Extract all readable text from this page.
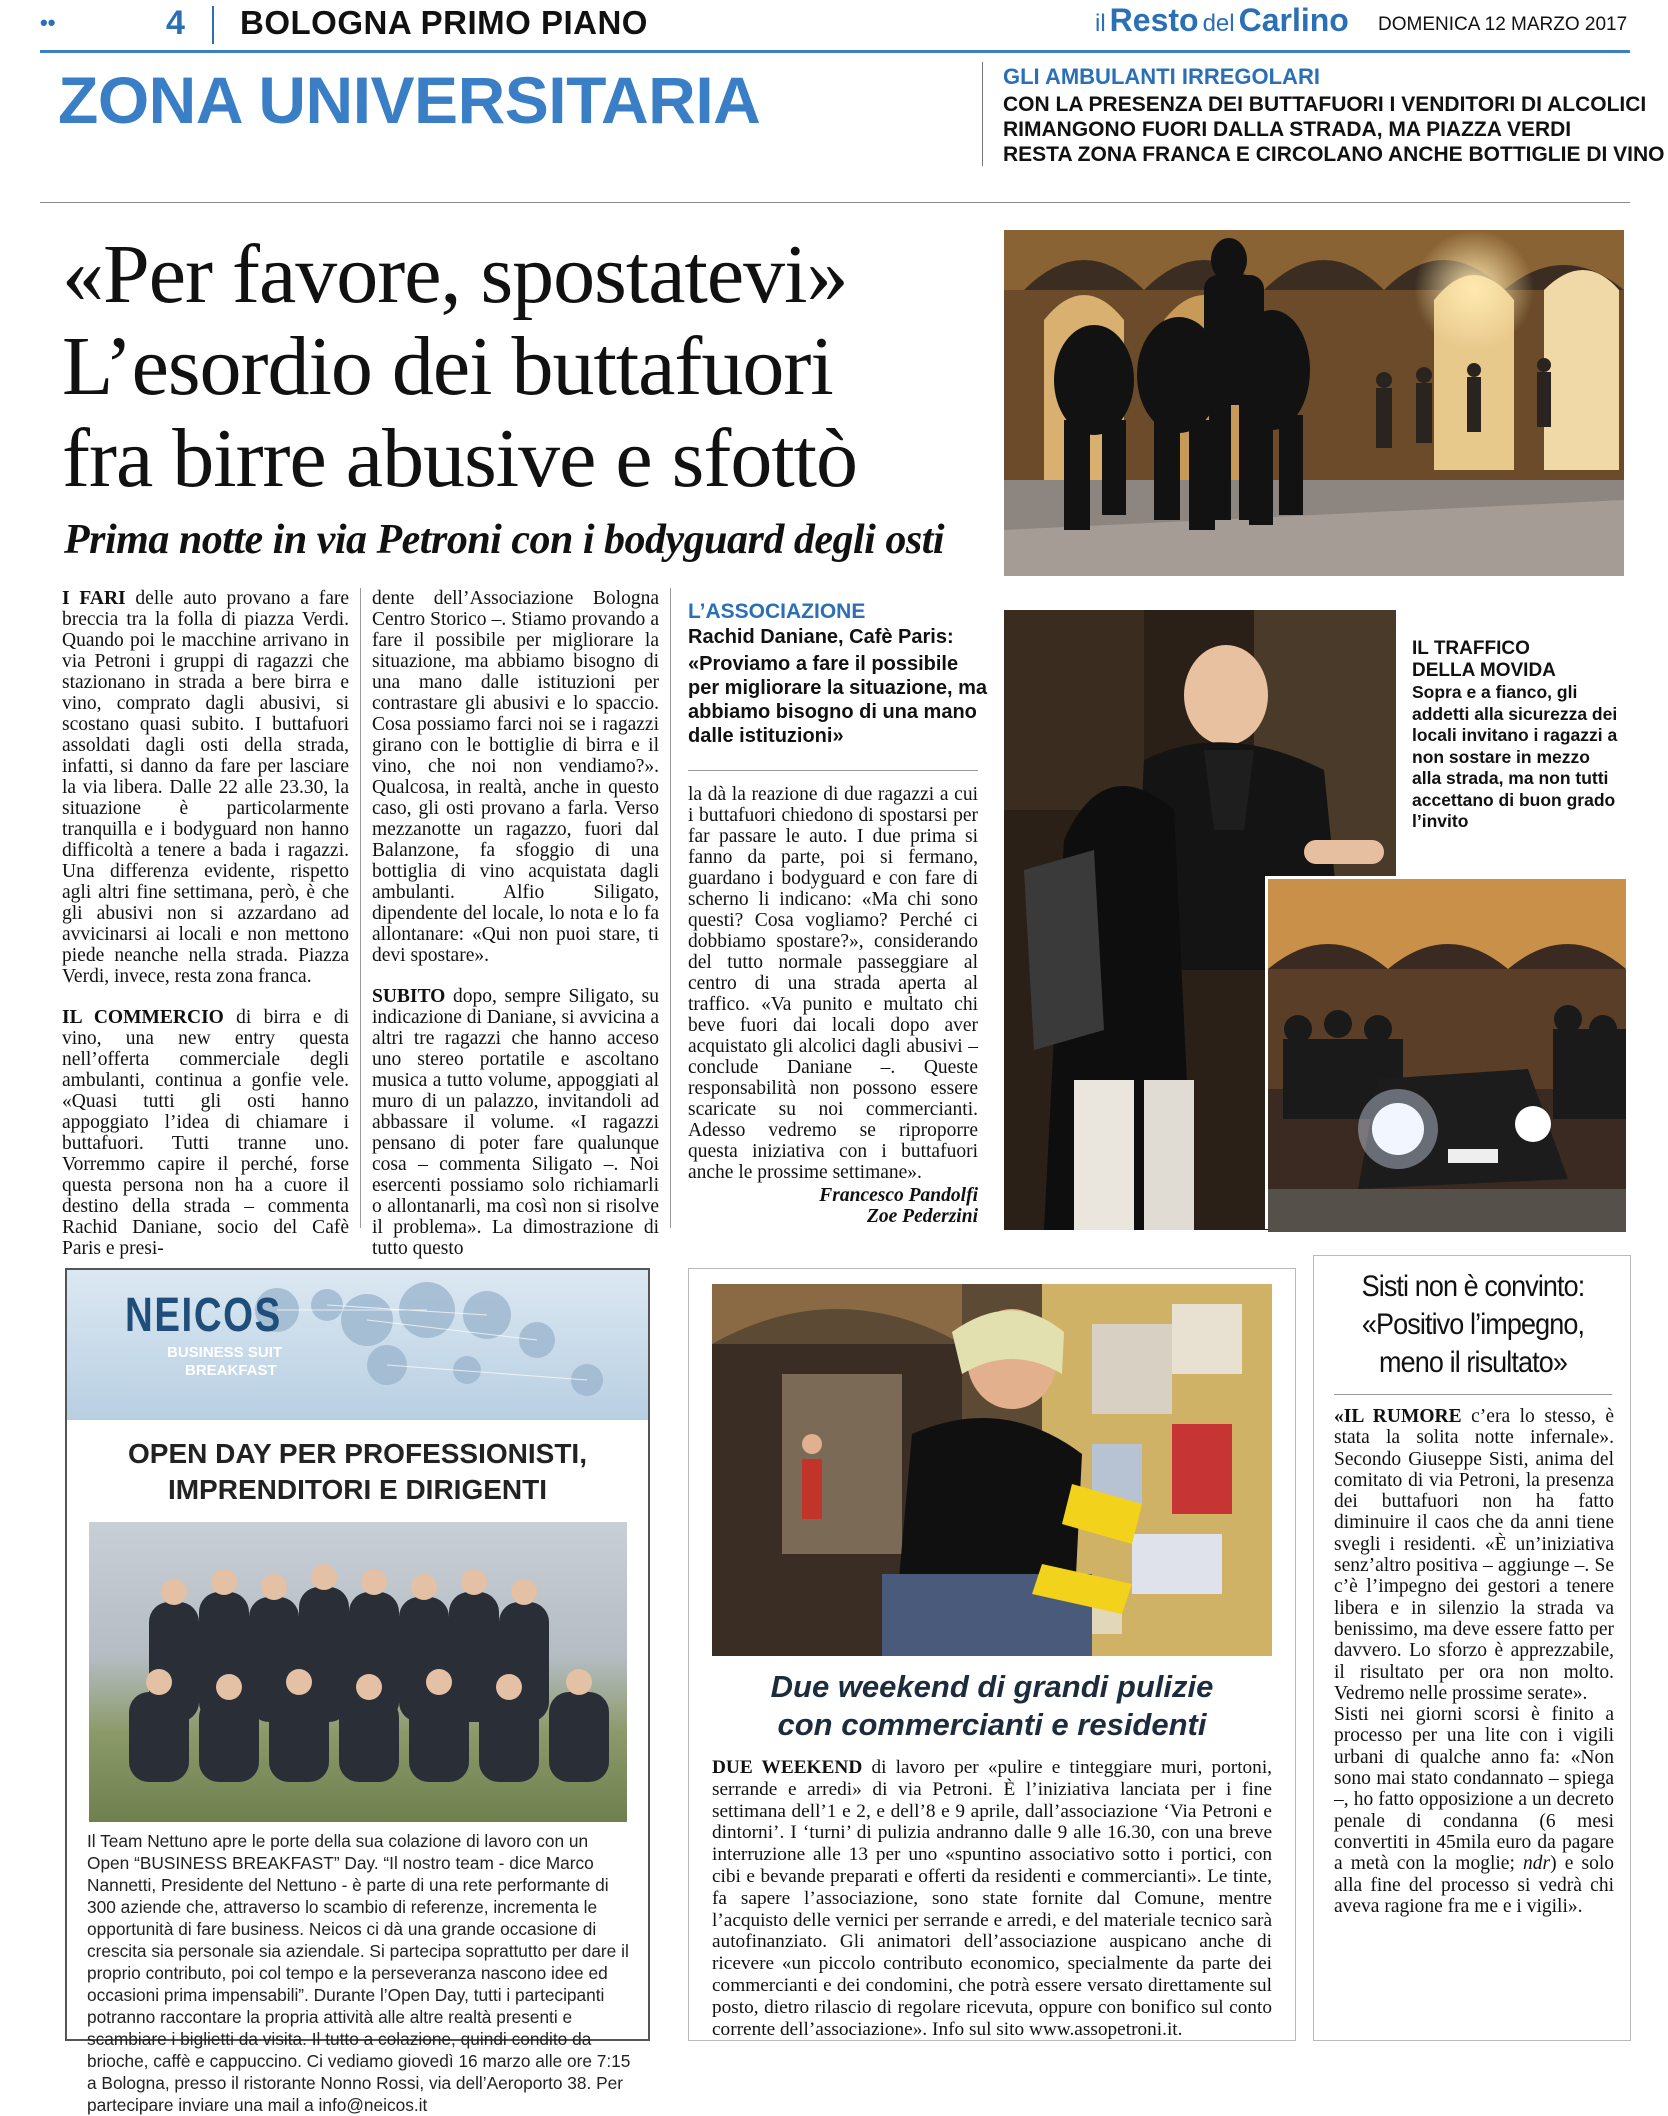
••	4 BOLOGNA PRIMO PIANO	il Resto del Carlino DOMENICA 12 MARZO 2017
ZONA UNIVERSITARIA	GLI AMBULANTI IRREGOLARI
CON LA PRESENZA DEI BUTTAFUORI I VENDITORI DI ALCOLICI
RIMANGONO FUORI DALLA STRADA, MA PIAZZA VERDI
RESTA ZONA FRANCA E CIRCOLANO ANCHE BOTTIGLIE DI VINO
«Per favore, spostatevi»
L’esordio dei buttafuori
fra birre abusive e sfottò
Prima notte in via Petroni con i bodyguard degli osti

I FARI delle auto provano a fare breccia tra la folla di piazza Verdi. Quando poi le macchine arrivano in via Petroni i gruppi di ragazzi che stazionano in strada a bere birra e vino, comprato dagli abusivi, si scostano quasi subito. I buttafuori assoldati dagli osti della strada, infatti, si danno da fare per lasciare la via libera. Dalle 22 alle 23.30, la situazione è particolarmente tranquilla e i bodyguard non hanno difficoltà a tenere a bada i ragazzi. Una differenza evidente, rispetto agli altri fine settimana, però, è che gli abusivi non si azzardano ad avvicinarsi ai locali e non mettono piede neanche nella strada. Piazza Verdi, invece, resta zona franca.

IL COMMERCIO di birra e di vino, una new entry questa nell’offerta commerciale degli ambulanti, continua a gonfie vele. «Quasi tutti gli osti hanno appoggiato l’idea di chiamare i buttafuori. Tutti tranne uno. Vorremmo capire il perché, forse questa persona non ha a cuore il destino della strada – commenta Rachid Daniane, socio del Cafè Paris e presi-

dente dell’Associazione Bologna Centro Storico –. Stiamo provando a fare il possibile per migliorare la situazione, ma abbiamo bisogno di una mano dalle istituzioni per contrastare gli abusivi e lo spaccio. Cosa possiamo farci noi se i ragazzi girano con le bottiglie di birra e il vino, che noi non vendiamo?». Qualcosa, in realtà, anche in questo caso, gli osti provano a farla. Verso mezzanotte un ragazzo, fuori dal Balanzone, fa sfoggio di una bottiglia di vino acquistata dagli ambulanti. Alfio Siligato, dipendente del locale, lo nota e lo fa allontanare: «Qui non puoi stare, ti devi spostare».

SUBITO dopo, sempre Siligato, su indicazione di Daniane, si avvicina a altri tre ragazzi che hanno acceso uno stereo portatile e ascoltano musica a tutto volume, appoggiati al muro di un palazzo, invitandoli ad abbassare il volume. «I ragazzi pensano di poter fare qualunque cosa – commenta Siligato –. Noi esercenti possiamo solo richiamarli o allontanarli, ma così non si risolve il problema». La dimostrazione di tutto questo

L’ASSOCIAZIONE
Rachid Daniane, Cafè Paris:
«Proviamo a fare il possibile per migliorare la situazione, ma abbiamo bisogno di una mano dalle istituzioni»

la dà la reazione di due ragazzi a cui i buttafuori chiedono di spostarsi per far passare le auto. I due prima si fanno da parte, poi si fermano, guardano i bodyguard e con fare di scherno li indicano: «Ma chi sono questi? Cosa vogliamo? Perché ci dobbiamo spostare?», considerando del tutto normale passeggiare al centro di una strada aperta al traffico. «Va punito e multato chi beve fuori dai locali dopo aver acquistato gli alcolici dagli abusivi – conclude Daniane –. Queste responsabilità non possono essere scaricate su noi commercianti. Adesso vedremo se riproporre questa iniziativa con i buttafuori anche le prossime settimane».

Francesco Pandolfi

Zoe Pederzini

IL TRAFFICO
DELLA MOVIDA
Sopra e a fianco, gli addetti alla sicurezza dei locali invitano i ragazzi a non sostare in mezzo alla strada, ma non tutti accettano di buon grado l’invito
NEICOS
BUSINESS SUIT
BREAKFAST
OPEN DAY PER PROFESSIONISTI,
IMPRENDITORI E DIRIGENTI
Il Team Nettuno apre le porte della sua colazione di lavoro con un Open “BUSINESS BREAKFAST” Day. “Il nostro team - dice Marco Nannetti, Presidente del Nettuno - è parte di una rete performante di 300 aziende che, attraverso lo scambio di referenze, incrementa le opportunità di fare business. Neicos ci dà una grande occasione di crescita sia personale sia aziendale. Si partecipa soprattutto per dare il proprio contributo, poi col tempo e la perseveranza nascono idee ed occasioni prima impensabili”. Durante l’Open Day, tutti i partecipanti potranno raccontare la propria attività alle altre realtà presenti e scambiare i biglietti da visita. Il tutto a colazione, quindi condito da brioche, caffè e cappuccino. Ci vediamo giovedì 16 marzo alle ore 7:15 a Bologna, presso il ristorante Nonno Rossi, via dell’Aeroporto 38. Per partecipare inviare una mail a info@neicos.it
Due weekend di grandi pulizie
con commercianti e residenti

DUE WEEKEND di lavoro per «pulire e tinteggiare muri, portoni, serrande e arredi» di via Petroni. È l’iniziativa lanciata per i fine settimana dell’1 e 2, e dell’8 e 9 aprile, dall’associazione ‘Via Petroni e dintorni’. I ‘turni’ di pulizia andranno dalle 9 alle 16.30, con una breve interruzione alle 13 per uno «spuntino associativo sotto i portici, con cibi e bevande preparati e offerti da residenti e commercianti». Le tinte, fa sapere l’associazione, sono state fornite dal Comune, mentre l’acquisto delle vernici per serrande e arredi, e del materiale tecnico sarà autofinanziato. Gli animatori dell’associazione auspicano anche di ricevere «un piccolo contributo economico, specialmente da parte dei commercianti e dei condomini, che potrà essere versato direttamente sul posto, dietro rilascio di regolare ricevuta, oppure con bonifico sul conto corrente dell’associazione». Info sul sito www.assopetroni.it.

Sisti non è convinto:
«Positivo l’impegno,
meno il risultato»

«IL RUMORE c’era lo stesso, è stata la solita notte infernale». Secondo Giuseppe Sisti, anima del comitato di via Petroni, la presenza dei buttafuori non ha fatto diminuire il caos che da anni tiene svegli i residenti. «È un’iniziativa senz’altro positiva – aggiunge –. Se c’è l’impegno dei gestori a tenere libera e in silenzio la strada va benissimo, ma deve essere fatto per davvero. Lo sforzo è apprezzabile, il risultato per ora non molto. Vedremo nelle prossime serate».

Sisti nei giorni scorsi è finito a processo per una lite con i vigili urbani di qualche anno fa: «Non sono mai stato condannato – spiega –, ho fatto opposizione a un decreto penale di condanna (6 mesi convertiti in 45mila euro da pagare a metà con la moglie; ndr) e solo alla fine del processo si vedrà chi aveva ragione fra me e i vigili».
